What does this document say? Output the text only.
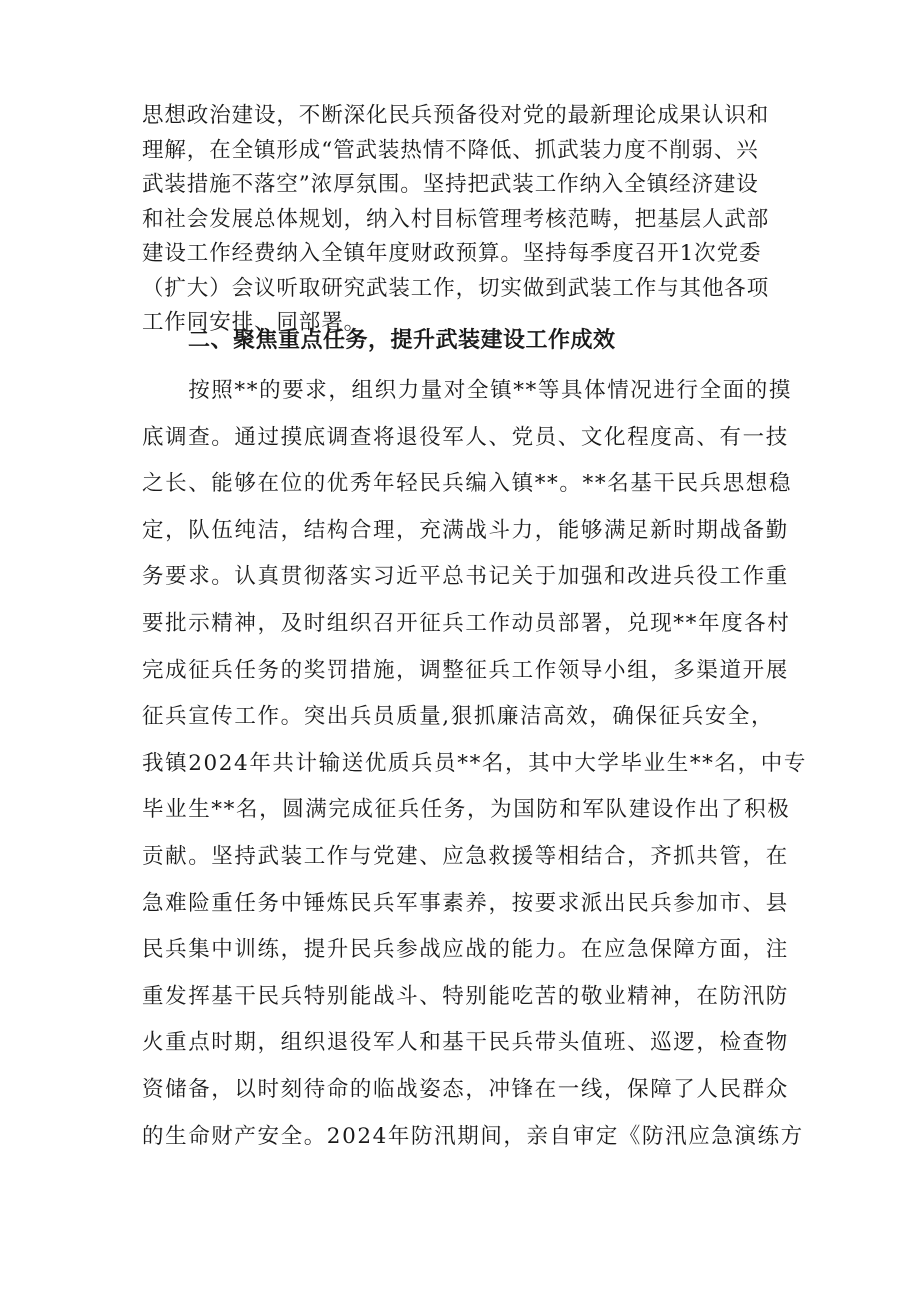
思想政治建设，不断深化民兵预备役对党的最新理论成果认识和
理解，在全镇形成“管武装热情不降低、抓武装力度不削弱、兴
武装措施不落空”浓厚氛围。坚持把武装工作纳入全镇经济建设
和社会发展总体规划，纳入村目标管理考核范畴，把基层人武部
建设工作经费纳入全镇年度财政预算。坚持每季度召开1次党委
（扩大）会议听取研究武装工作，切实做到武装工作与其他各项
工作同安排、同部署。
二、聚焦重点任务，提升武装建设工作成效
　　按照**的要求，组织力量对全镇**等具体情况进行全面的摸
底调查。通过摸底调查将退役军人、党员、文化程度高、有一技
之长、能够在位的优秀年轻民兵编入镇**。**名基干民兵思想稳
定，队伍纯洁，结构合理，充满战斗力，能够满足新时期战备勤
务要求。认真贯彻落实习近平总书记关于加强和改进兵役工作重
要批示精神，及时组织召开征兵工作动员部署，兑现**年度各村
完成征兵任务的奖罚措施，调整征兵工作领导小组，多渠道开展
征兵宣传工作。突出兵员质量,狠抓廉洁高效，确保征兵安全，
我镇2024年共计输送优质兵员**名，其中大学毕业生**名，中专
毕业生**名，圆满完成征兵任务，为国防和军队建设作出了积极
贡献。坚持武装工作与党建、应急救援等相结合，齐抓共管，在
急难险重任务中锤炼民兵军事素养，按要求派出民兵参加市、县
民兵集中训练，提升民兵参战应战的能力。在应急保障方面，注
重发挥基干民兵特别能战斗、特别能吃苦的敬业精神，在防汛防
火重点时期，组织退役军人和基干民兵带头值班、巡逻，检查物
资储备，以时刻待命的临战姿态，冲锋在一线，保障了人民群众
的生命财产安全。2024年防汛期间，亲自审定《防汛应急演练方
